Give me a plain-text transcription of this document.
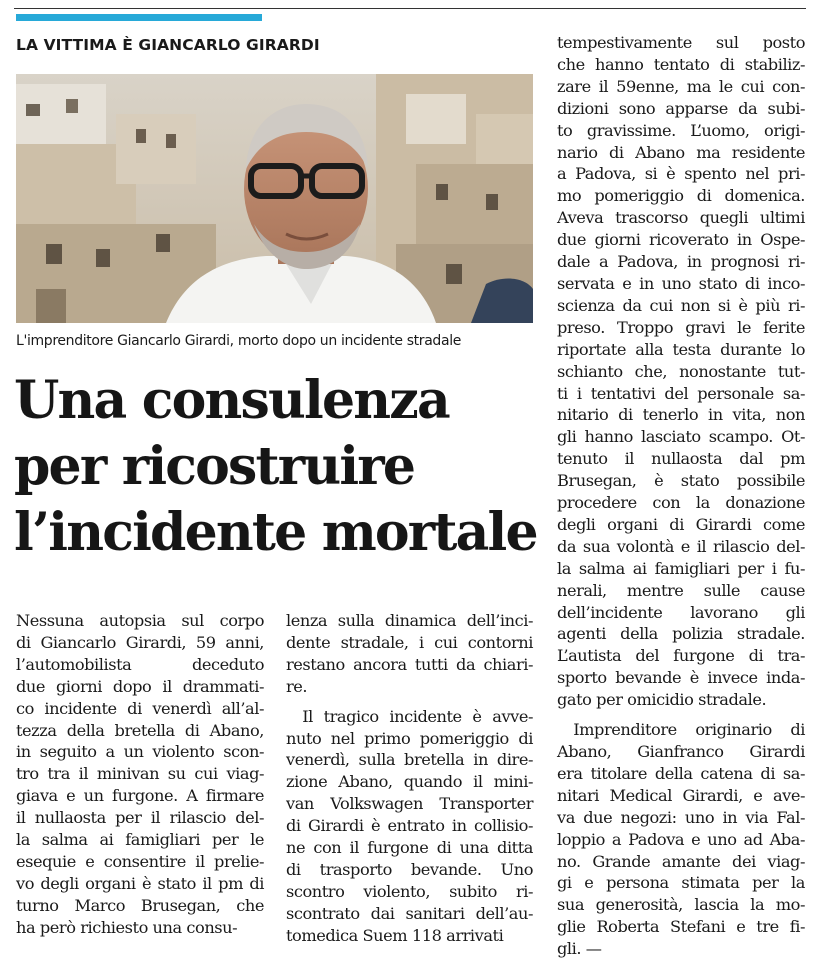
LA VITTIMA È GIANCARLO GIRARDI
L'imprenditore Giancarlo Girardi, morto dopo un incidente stradale
Una consulenza
per ricostruire
l’incidente mortale
Nessuna autopsia sul corpo
di Giancarlo Girardi, 59 anni,
l’automobilista deceduto
due giorni dopo il drammati-
co incidente di venerdì all’al-
tezza della bretella di Abano,
in seguito a un violento scon-
tro tra il minivan su cui viag-
giava e un furgone. A firmare
il nullaosta per il rilascio del-
la salma ai famigliari per le
esequie e consentire il prelie-
vo degli organi è stato il pm di
turno Marco Brusegan, che
ha però richiesto una consu-
lenza sulla dinamica dell’inci-
dente stradale, i cui contorni
restano ancora tutti da chiari-
re.
Il tragico incidente è avve-
nuto nel primo pomeriggio di
venerdì, sulla bretella in dire-
zione Abano, quando il mini-
van Volkswagen Transporter
di Girardi è entrato in collisio-
ne con il furgone di una ditta
di trasporto bevande. Uno
scontro violento, subito ri-
scontrato dai sanitari dell’au-
tomedica Suem 118 arrivati
tempestivamente sul posto
che hanno tentato di stabiliz-
zare il 59enne, ma le cui con-
dizioni sono apparse da subi-
to gravissime. L’uomo, origi-
nario di Abano ma residente
a Padova, si è spento nel pri-
mo pomeriggio di domenica.
Aveva trascorso quegli ultimi
due giorni ricoverato in Ospe-
dale a Padova, in prognosi ri-
servata e in uno stato di inco-
scienza da cui non si è più ri-
preso. Troppo gravi le ferite
riportate alla testa durante lo
schianto che, nonostante tut-
ti i tentativi del personale sa-
nitario di tenerlo in vita, non
gli hanno lasciato scampo. Ot-
tenuto il nullaosta dal pm
Brusegan, è stato possibile
procedere con la donazione
degli organi di Girardi come
da sua volontà e il rilascio del-
la salma ai famigliari per i fu-
nerali, mentre sulle cause
dell’incidente lavorano gli
agenti della polizia stradale.
L’autista del furgone di tra-
sporto bevande è invece inda-
gato per omicidio stradale.
Imprenditore originario di
Abano, Gianfranco Girardi
era titolare della catena di sa-
nitari Medical Girardi, e ave-
va due negozi: uno in via Fal-
loppio a Padova e uno ad Aba-
no. Grande amante dei viag-
gi e persona stimata per la
sua generosità, lascia la mo-
glie Roberta Stefani e tre fi-
gli. —
